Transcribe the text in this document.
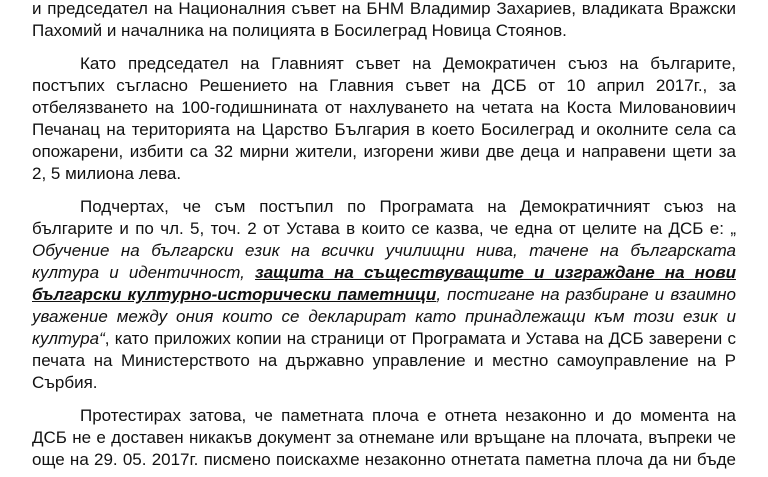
и председател на Националния съвет на БНМ Владимир Захариев, владиката Вражски
Пахомий и началника на полицията в Босилеград Новица Стоянов.
Като председател на Главният съвет на Демократичен съюз на българите,
постъпих съгласно Решението на Главния съвет на ДСБ от 10 април 2017г., за
отбелязването на 100-годишнината от нахлуването на четата на Коста Миловановиич
Печанац на територията на Царство България в което Босилеград и околните села са
опожарени, избити са 32 мирни жители, изгорени живи две деца и направени щети за
2, 5 милиона лева.
Подчертах, че съм постъпил по Програмата на Демократичният съюз на
българите и по чл. 5, точ. 2 от Устава в които се казва, че една от целите на ДСБ е: „
Обучение на български език на всички училищни нива, тачене на българската
култура и идентичност, защита на съществуващите и изграждане на нови
български културно-исторически паметници, постигане на разбиране и взаимно
уважение между ония които се декларират като принадлежащи към този език и
култура“, като приложих копии на страници от Програмата и Устава на ДСБ заверени с
печата на Министерството на държавно управление и местно самоуправление на Р
Сърбия.
Протестирах затова, че паметната плоча е отнета незаконно и до момента на
ДСБ не е доставен никакъв документ за отнемане или връщане на плочата, въпреки че
още на 29. 05. 2017г. писмено поискахме незаконно отнетата паметна плоча да ни бъде
